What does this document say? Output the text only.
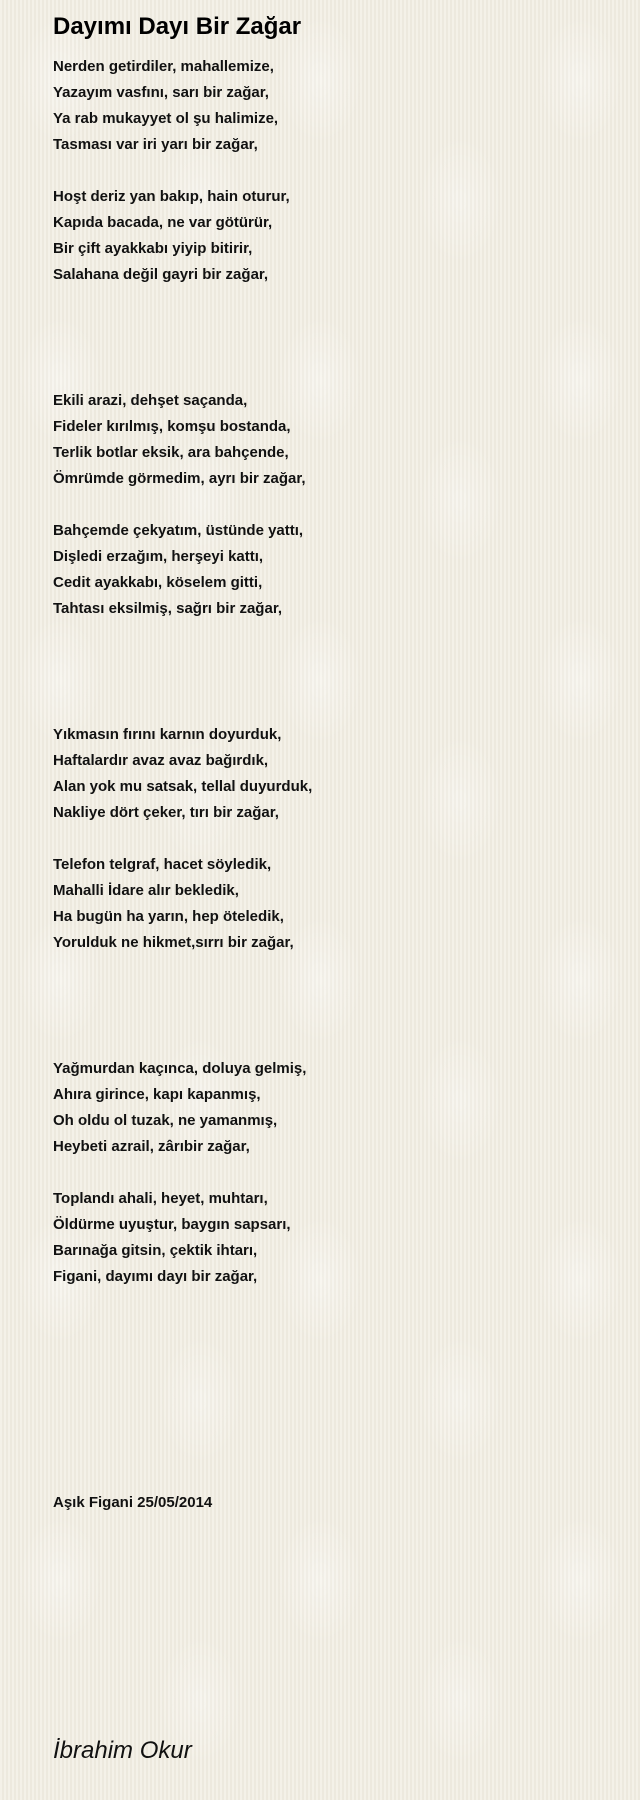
Dayımı Dayı Bir Zağar
Nerden getirdiler, mahallemize,
Yazayım vasfını, sarı bir zağar,
Ya rab mukayyet ol şu halimize,
Tasması var iri yarı bir zağar,
Hoşt deriz yan bakıp, hain oturur,
Kapıda bacada, ne var götürür,
Bir çift ayakkabı yiyip bitirir,
Salahana değil gayri bir zağar,
Ekili arazi, dehşet saçanda,
Fideler kırılmış, komşu bostanda,
Terlik botlar eksik, ara bahçende,
Ömrümde görmedim, ayrı bir zağar,
Bahçemde çekyatım, üstünde yattı,
Dişledi erzağım, herşeyi kattı,
Cedit ayakkabı, köselem gitti,
Tahtası eksilmiş, sağrı bir zağar,
Yıkmasın fırını karnın doyurduk,
Haftalardır avaz avaz bağırdık,
Alan yok mu satsak, tellal duyurduk,
Nakliye dört çeker, tırı bir zağar,
Telefon telgraf, hacet söyledik,
Mahalli İdare alır bekledik,
Ha bugün ha yarın, hep öteledik,
Yorulduk ne hikmet,sırrı bir zağar,
Yağmurdan kaçınca, doluya gelmiş,
Ahıra girince, kapı kapanmış,
Oh oldu ol tuzak, ne yamanmış,
Heybeti azrail, zârıbir zağar,
Toplandı ahali, heyet, muhtarı,
Öldürme uyuştur, baygın sapsarı,
Barınağa gitsin, çektik ihtarı,
Figani, dayımı dayı bir zağar,
Aşık Figani 25/05/2014
İbrahim Okur
